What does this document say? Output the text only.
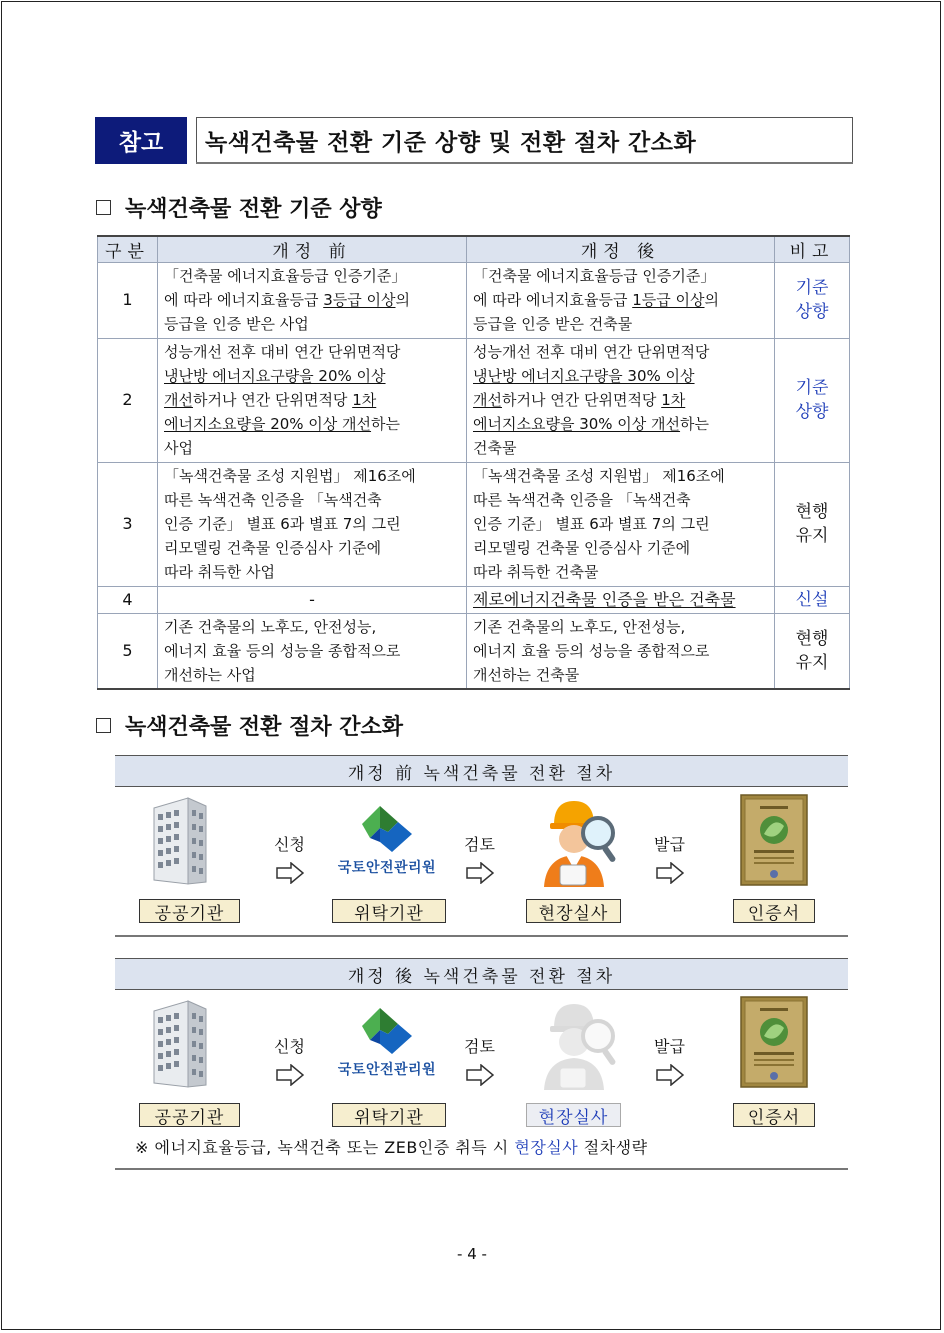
참고	녹색건축물 전환 기준 상향 및 전환 절차 간소화
녹색건축물 전환 기준 상향
구분	개정 前	개정 後	비고
1	「건축물 에너지효율등급 인증기준」
에 따라 에너지효율등급 3등급 이상의
등급을 인증 받은 사업	「건축물 에너지효율등급 인증기준」
에 따라 에너지효율등급 1등급 이상의
등급을 인증 받은 건축물	기준
상향

2	성능개선 전후 대비 연간 단위면적당
냉난방 에너지요구량을 20% 이상
개선하거나 연간 단위면적당 1차
에너지소요량을 20% 이상 개선하는
사업	성능개선 전후 대비 연간 단위면적당
냉난방 에너지요구량을 30% 이상
개선하거나 연간 단위면적당 1차
에너지소요량을 30% 이상 개선하는
건축물	기준
상향

3	「녹색건축물 조성 지원법」 제16조에
따른 녹색건축 인증을 「녹색건축
인증 기준」 별표 6과 별표 7의 그린
리모델링 건축물 인증심사 기준에
따라 취득한 사업	「녹색건축물 조성 지원법」 제16조에
따른 녹색건축 인증을 「녹색건축
인증 기준」 별표 6과 별표 7의 그린
리모델링 건축물 인증심사 기준에
따라 취득한 건축물	현행
유지

4	-	제로에너지건축물 인증을 받은 건축물	신설
5	기존 건축물의 노후도, 안전성능,
에너지 효율 등의 성능을 종합적으로
개선하는 사업	기존 건축물의 노후도, 안전성능,
에너지 효율 등의 성능을 종합적으로
개선하는 건축물	현행
유지
녹색건축물 전환 절차 간소화
개정 前 녹색건축물 전환 절차
신청
국토안전관리원
검토	발급
공공기관	위탁기관	현장실사	인증서
개정 後 녹색건축물 전환 절차
신청
국토안전관리원
검토	발급
공공기관	위탁기관	현장실사	인증서
※ 에너지효율등급, 녹색건축 또는 ZEB인증 취득 시 현장실사 절차생략
- 4 -
